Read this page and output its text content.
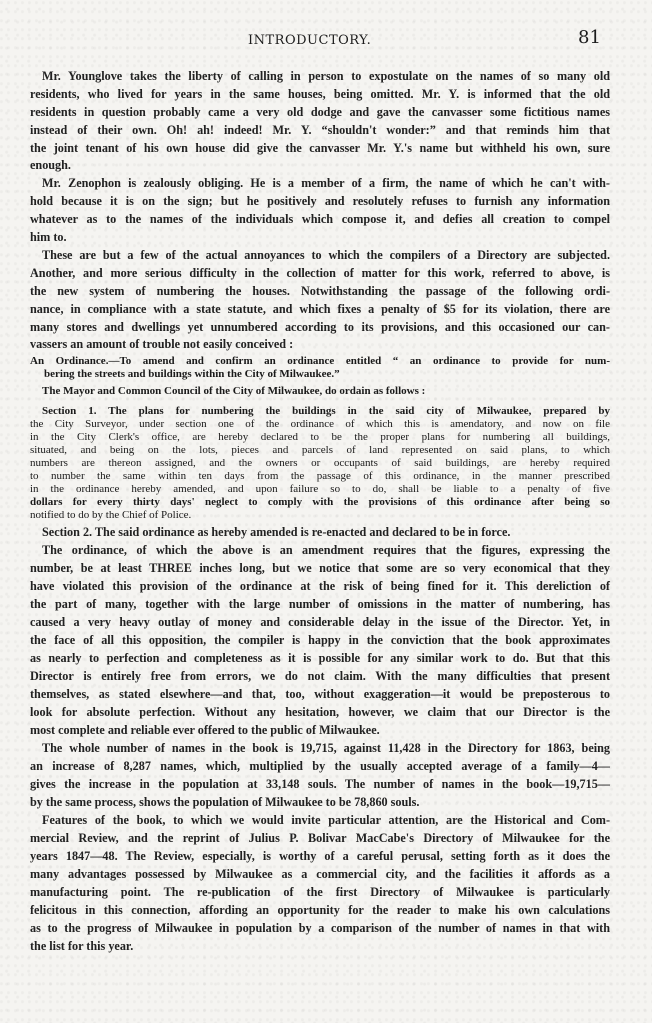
INTRODUCTORY.	81
Mr. Younglove takes the liberty of calling in person to expostulate on the names of so many old
residents, who lived for years in the same houses, being omitted. Mr. Y. is informed that the old
residents in question probably came a very old dodge and gave the canvasser some fictitious names
instead of their own. Oh! ah! indeed! Mr. Y. “shouldn't wonder:” and that reminds him that
the joint tenant of his own house did give the canvasser Mr. Y.'s name but withheld his own, sure
enough.
Mr. Zenophon is zealously obliging. He is a member of a firm, the name of which he can't with-
hold because it is on the sign; but he positively and resolutely refuses to furnish any information
whatever as to the names of the individuals which compose it, and defies all creation to compel
him to.
These are but a few of the actual annoyances to which the compilers of a Directory are subjected.
Another, and more serious difficulty in the collection of matter for this work, referred to above, is
the new system of numbering the houses. Notwithstanding the passage of the following ordi-
nance, in compliance with a state statute, and which fixes a penalty of $5 for its violation, there are
many stores and dwellings yet unnumbered according to its provisions, and this occasioned our can-
vassers an amount of trouble not easily conceived :
An Ordinance.—To amend and confirm an ordinance entitled “ an ordinance to provide for num-
bering the streets and buildings within the City of Milwaukee.”
The Mayor and Common Council of the City of Milwaukee, do ordain as follows :
Section 1. The plans for numbering the buildings in the said city of Milwaukee, prepared by
the City Surveyor, under section one of the ordinance of which this is amendatory, and now on file
in the City Clerk's office, are hereby declared to be the proper plans for numbering all buildings,
situated, and being on the lots, pieces and parcels of land represented on said plans, to which
numbers are thereon assigned, and the owners or occupants of said buildings, are hereby required
to number the same within ten days from the passage of this ordinance, in the manner prescribed
in the ordinance hereby amended, and upon failure so to do, shall be liable to a penalty of five
dollars for every thirty days' neglect to comply with the provisions of this ordinance after being so
notified to do by the Chief of Police.
Section 2. The said ordinance as hereby amended is re-enacted and declared to be in force.
The ordinance, of which the above is an amendment requires that the figures, expressing the
number, be at least THREE inches long, but we notice that some are so very economical that they
have violated this provision of the ordinance at the risk of being fined for it. This dereliction of
the part of many, together with the large number of omissions in the matter of numbering, has
caused a very heavy outlay of money and considerable delay in the issue of the Director. Yet, in
the face of all this opposition, the compiler is happy in the conviction that the book approximates
as nearly to perfection and completeness as it is possible for any similar work to do. But that this
Director is entirely free from errors, we do not claim. With the many difficulties that present
themselves, as stated elsewhere—and that, too, without exaggeration—it would be preposterous to
look for absolute perfection. Without any hesitation, however, we claim that our Director is the
most complete and reliable ever offered to the public of Milwaukee.
The whole number of names in the book is 19,715, against 11,428 in the Directory for 1863, being
an increase of 8,287 names, which, multiplied by the usually accepted average of a family—4—
gives the increase in the population at 33,148 souls. The number of names in the book—19,715—
by the same process, shows the population of Milwaukee to be 78,860 souls.
Features of the book, to which we would invite particular attention, are the Historical and Com-
mercial Review, and the reprint of Julius P. Bolivar MacCabe's Directory of Milwaukee for the
years 1847—48. The Review, especially, is worthy of a careful perusal, setting forth as it does the
many advantages possessed by Milwaukee as a commercial city, and the facilities it affords as a
manufacturing point. The re-publication of the first Directory of Milwaukee is particularly
felicitous in this connection, affording an opportunity for the reader to make his own calculations
as to the progress of Milwaukee in population by a comparison of the number of names in that with
the list for this year.
